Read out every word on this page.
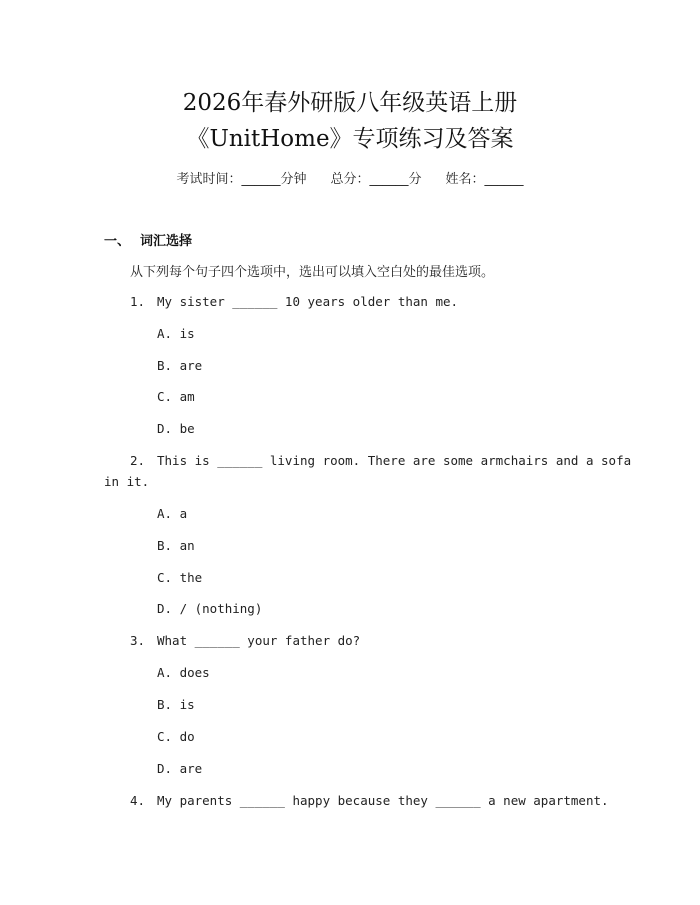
2026年春外研版八年级英语上册
《UnitHome》专项练习及答案
考试时间：______分钟 总分：______分 姓名：______
一、 词汇选择
从下列每个句子四个选项中，选出可以填入空白处的最佳选项。
1. My sister ______ 10 years older than me.
A. is
B. are
C. am
D. be
2. This is ______ living room. There are some armchairs and a sofa
in it.
A. a
B. an
C. the
D. / (nothing)
3. What ______ your father do?
A. does
B. is
C. do
D. are
4. My parents ______ happy because they ______ a new apartment.
